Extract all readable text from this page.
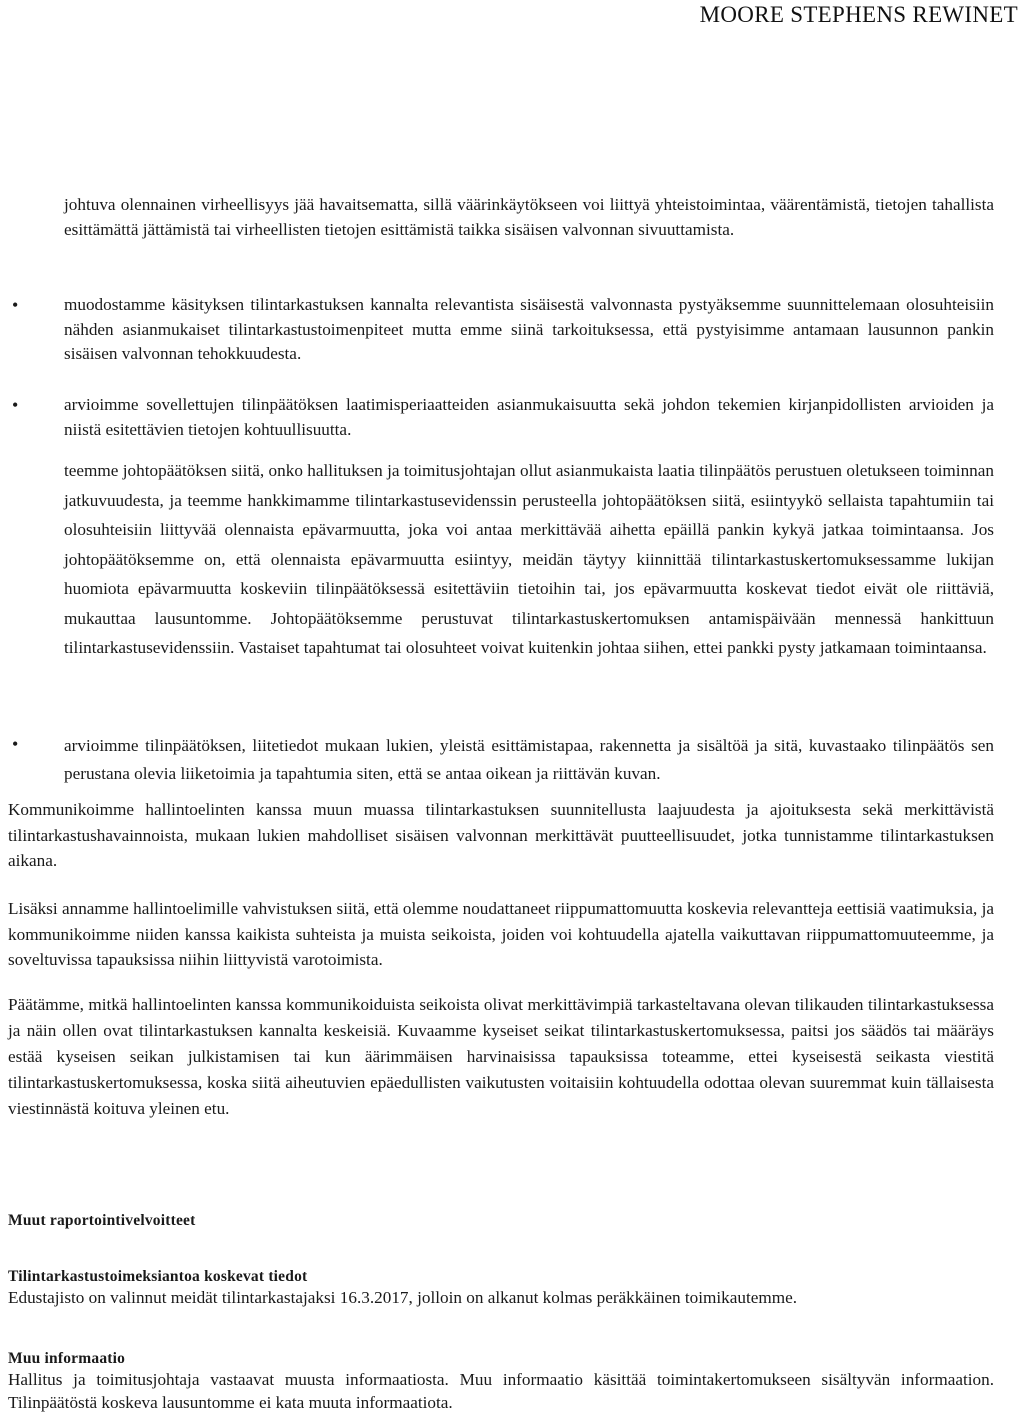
MOORE STEPHENS REWINET

johtuva olennainen virheellisyys jää havaitsematta, sillä väärinkäytökseen voi liittyä yhteistoimintaa, väärentämistä, tietojen tahallista esittämättä jättämistä tai virheellisten tietojen esittämistä taikka sisäisen valvonnan sivuuttamista.

•	muodostamme käsityksen tilintarkastuksen kannalta relevantista sisäisestä valvonnasta pystyäksemme suunnittelemaan olosuhteisiin nähden asianmukaiset tilintarkastustoimenpiteet mutta emme siinä tarkoituksessa, että pystyisimme antamaan lausunnon pankin sisäisen valvonnan tehokkuudesta.

•	arvioimme sovellettujen tilinpäätöksen laatimisperiaatteiden asianmukaisuutta sekä johdon tekemien kirjanpidollisten arvioiden ja niistä esitettävien tietojen kohtuullisuutta.

teemme johtopäätöksen siitä, onko hallituksen ja toimitusjohtajan ollut asianmukaista laatia tilinpäätös perustuen oletukseen toiminnan jatkuvuudesta, ja teemme hankkimamme tilintarkastusevidenssin perusteella johtopäätöksen siitä, esiintyykö sellaista tapahtumiin tai olosuhteisiin liittyvää olennaista epävarmuutta, joka voi antaa merkittävää aihetta epäillä pankin kykyä jatkaa toimintaansa. Jos johtopäätöksemme on, että olennaista epävarmuutta esiintyy, meidän täytyy kiinnittää tilintarkastuskertomuksessamme lukijan huomiota epävarmuutta koskeviin tilinpäätöksessä esitettäviin tietoihin tai, jos epävarmuutta koskevat tiedot eivät ole riittäviä, mukauttaa lausuntomme. Johtopäätöksemme perustuvat tilintarkastuskertomuksen antamispäivään mennessä hankittuun tilintarkastusevidenssiin. Vastaiset tapahtumat tai olosuhteet voivat kuitenkin johtaa siihen, ettei pankki pysty jatkamaan toimintaansa.

•	arvioimme tilinpäätöksen, liitetiedot mukaan lukien, yleistä esittämistapaa, rakennetta ja sisältöä ja sitä, kuvastaako tilinpäätös sen perustana olevia liiketoimia ja tapahtumia siten, että se antaa oikean ja riittävän kuvan.

Kommunikoimme hallintoelinten kanssa muun muassa tilintarkastuksen suunnitellusta laajuudesta ja ajoituksesta sekä merkittävistä tilintarkastushavainnoista, mukaan lukien mahdolliset sisäisen valvonnan merkittävät puutteellisuudet, jotka tunnistamme tilintarkastuksen aikana.

Lisäksi annamme hallintoelimille vahvistuksen siitä, että olemme noudattaneet riippumattomuutta koskevia relevantteja eettisiä vaatimuksia, ja kommunikoimme niiden kanssa kaikista suhteista ja muista seikoista, joiden voi kohtuudella ajatella vaikuttavan riippumattomuuteemme, ja soveltuvissa tapauksissa niihin liittyvistä varotoimista.

Päätämme, mitkä hallintoelinten kanssa kommunikoiduista seikoista olivat merkittävimpiä tarkasteltavana olevan tilikauden tilintarkastuksessa ja näin ollen ovat tilintarkastuksen kannalta keskeisiä. Kuvaamme kyseiset seikat tilintarkastuskertomuksessa, paitsi jos säädös tai määräys estää kyseisen seikan julkistamisen tai kun äärimmäisen harvinaisissa tapauksissa toteamme, ettei kyseisestä seikasta viestitä tilintarkastuskertomuksessa, koska siitä aiheutuvien epäedullisten vaikutusten voitaisiin kohtuudella odottaa olevan suuremmat kuin tällaisesta viestinnästä koituva yleinen etu.

Muut raportointivelvoitteet
Tilintarkastustoimeksiantoa koskevat tiedot

Edustajisto on valinnut meidät tilintarkastajaksi 16.3.2017, jolloin on alkanut kolmas peräkkäinen toimikautemme.

Muu informaatio

Hallitus ja toimitusjohtaja vastaavat muusta informaatiosta. Muu informaatio käsittää toimintakertomukseen sisältyvän informaation. Tilinpäätöstä koskeva lausuntomme ei kata muuta informaatiota.
